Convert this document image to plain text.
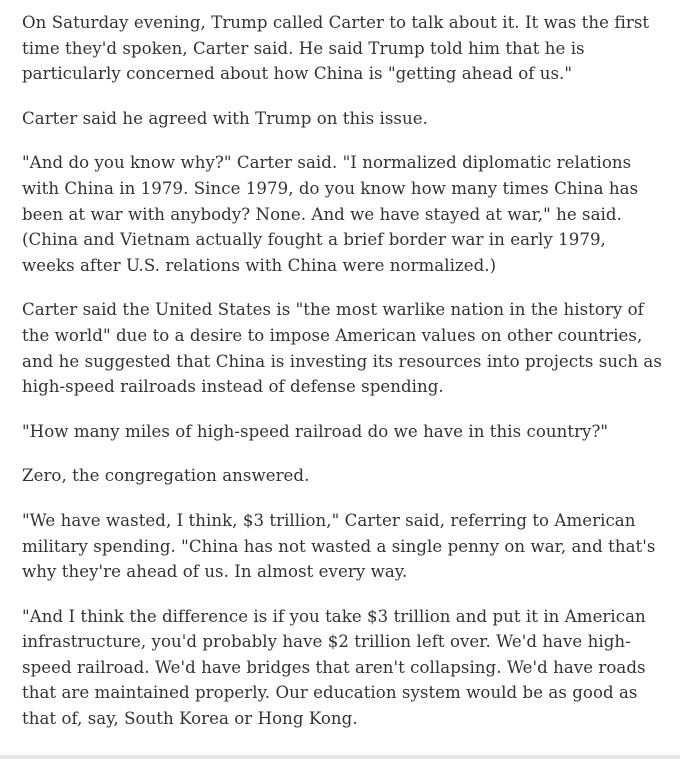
On Saturday evening, Trump called Carter to talk about it. It was the first time they'd spoken, Carter said. He said Trump told him that he is particularly concerned about how China is "getting ahead of us."

Carter said he agreed with Trump on this issue.

"And do you know why?" Carter said. "I normalized diplomatic relations with China in 1979. Since 1979, do you know how many times China has been at war with anybody? None. And we have stayed at war," he said. (China and Vietnam actually fought a brief border war in early 1979, weeks after U.S. relations with China were normalized.)

Carter said the United States is "the most warlike nation in the history of the world" due to a desire to impose American values on other countries, and he suggested that China is investing its resources into projects such as high-speed railroads instead of defense spending.

"How many miles of high-speed railroad do we have in this country?"

Zero, the congregation answered.

"We have wasted, I think, $3 trillion," Carter said, referring to American military spending. "China has not wasted a single penny on war, and that's why they're ahead of us. In almost every way.

"And I think the difference is if you take $3 trillion and put it in American infrastructure, you'd probably have $2 trillion left over. We'd have high-speed railroad. We'd have bridges that aren't collapsing. We'd have roads that are maintained properly. Our education system would be as good as that of, say, South Korea or Hong Kong.
